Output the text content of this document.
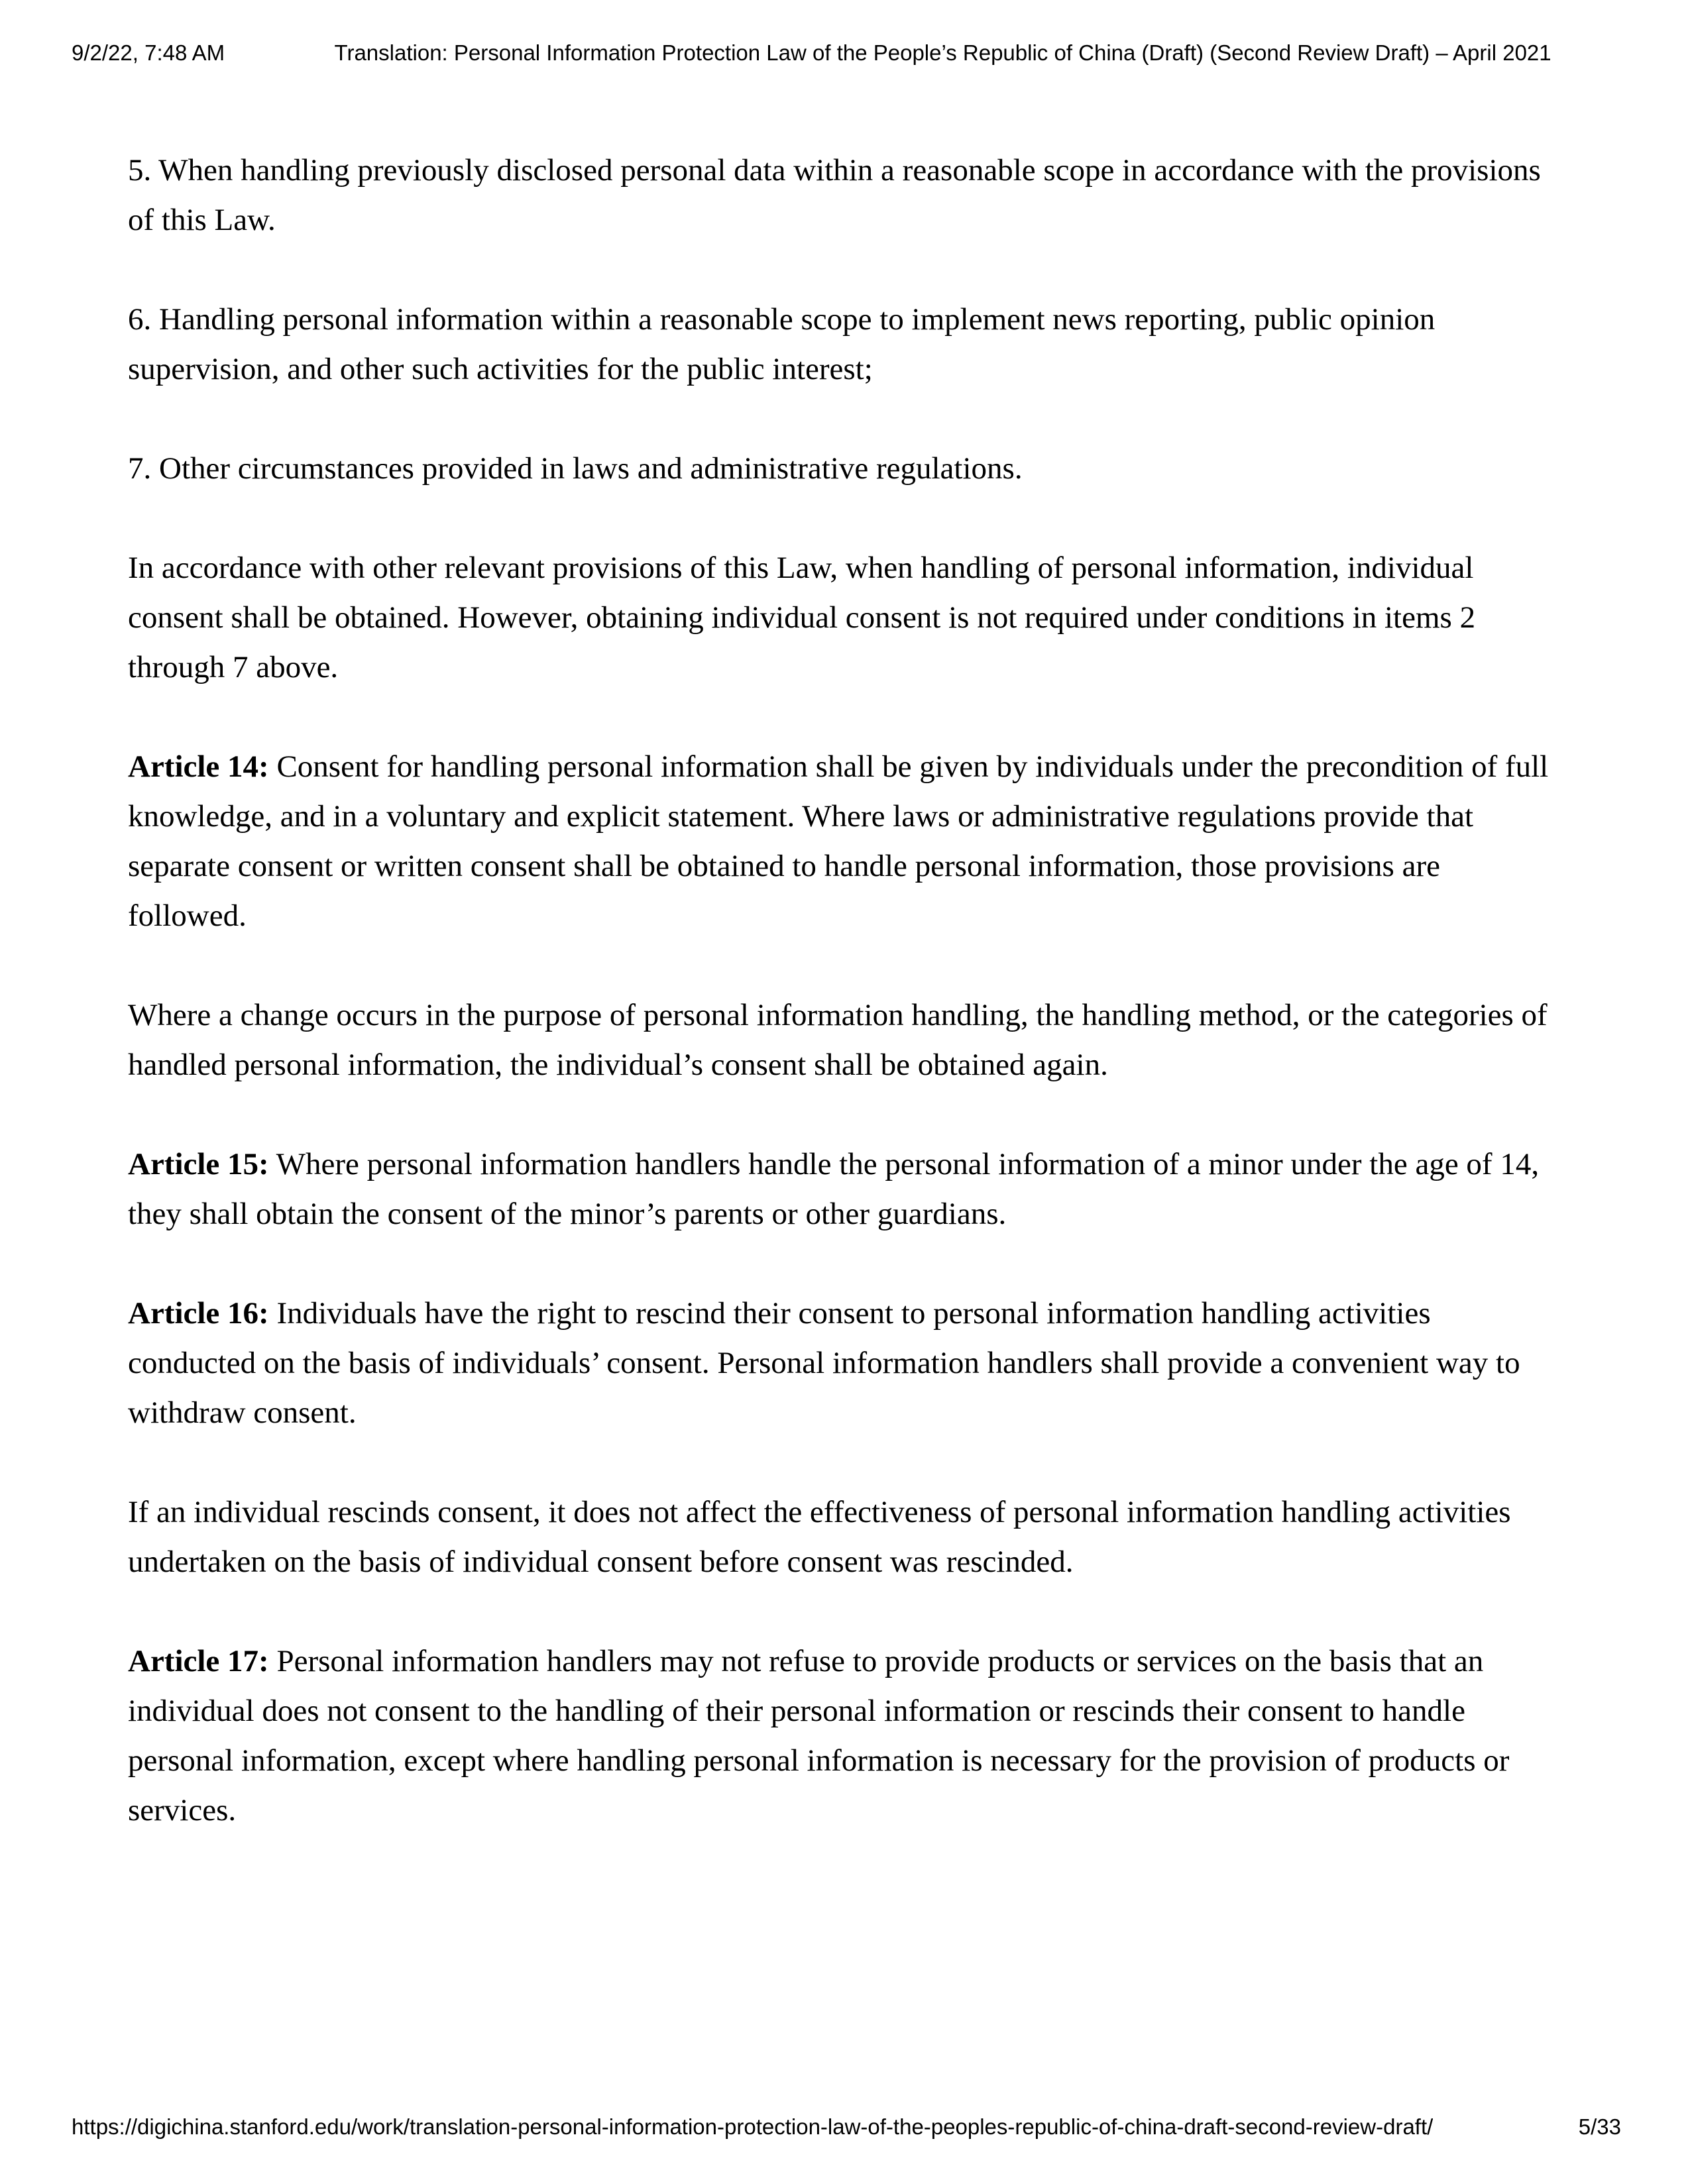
9/2/22, 7:48 AM	Translation: Personal Information Protection Law of the People’s Republic of China (Draft) (Second Review Draft) – April 2021

5. When handling previously disclosed personal data within a reasonable scope in accordance with the provisions of this Law.

6. Handling personal information within a reasonable scope to implement news reporting, public opinion supervision, and other such activities for the public interest;

7. Other circumstances provided in laws and administrative regulations.

In accordance with other relevant provisions of this Law, when handling of personal information, individual consent shall be obtained. However, obtaining individual consent is not required under conditions in items 2 through 7 above.

Article 14: Consent for handling personal information shall be given by individuals under the precondition of full knowledge, and in a voluntary and explicit statement. Where laws or administrative regulations provide that separate consent or written consent shall be obtained to handle personal information, those provisions are followed.

Where a change occurs in the purpose of personal information handling, the handling method, or the categories of handled personal information, the individual’s consent shall be obtained again.

Article 15: Where personal information handlers handle the personal information of a minor under the age of 14, they shall obtain the consent of the minor’s parents or other guardians.

Article 16: Individuals have the right to rescind their consent to personal information handling activities conducted on the basis of individuals’ consent. Personal information handlers shall provide a convenient way to withdraw consent.

If an individual rescinds consent, it does not affect the effectiveness of personal information handling activities undertaken on the basis of individual consent before consent was rescinded.

Article 17: Personal information handlers may not refuse to provide products or services on the basis that an individual does not consent to the handling of their personal information or rescinds their consent to handle personal information, except where handling personal information is necessary for the provision of products or services.

https://digichina.stanford.edu/work/translation-personal-information-protection-law-of-the-peoples-republic-of-china-draft-second-review-draft/	5/33
